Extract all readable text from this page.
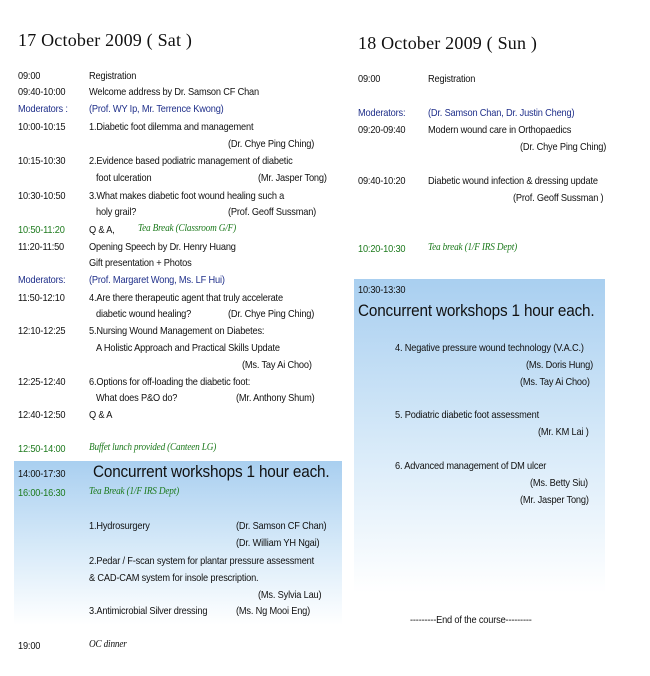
17 October 2009 ( Sat )
09:00	Registration
09:40-10:00 Welcome address by Dr. Samson CF Chan
Moderators : (Prof. WY Ip, Mr. Terrence Kwong)
10:00-10:15 1.Diabetic foot dilemma and management
(Dr. Chye Ping Ching)
10:15-10:30 2.Evidence based podiatric management of diabetic
foot ulceration	(Mr. Jasper Tong)
10:30-10:50 3.What makes diabetic foot wound healing such a
holy grail?	(Prof. Geoff Sussman)
10:50-11:20 Q & A, Tea Break (Classroom G/F)
11:20-11:50 Opening Speech by Dr. Henry Huang
Gift presentation + Photos
Moderators: (Prof. Margaret Wong, Ms. LF Hui)
11:50-12:10 4.Are there therapeutic agent that truly accelerate
diabetic wound healing?	(Dr. Chye Ping Ching)
12:10-12:25 5.Nursing Wound Management on Diabetes:
A Holistic Approach and Practical Skills Update
(Ms. Tay Ai Choo)
12:25-12:40 6.Options for off-loading the diabetic foot:
What does P&O do?	(Mr. Anthony Shum)
12:40-12:50 Q & A
12:50-14:00 Buffet lunch provided (Canteen LG)
14:00-17:30 Concurrent workshops 1 hour each.
16:00-16:30 Tea Break (1/F IRS Dept)
1.Hydrosurgery	(Dr. Samson CF Chan)
(Dr. William YH Ngai)
2.Pedar / F-scan system for plantar pressure assessment
& CAD-CAM system for insole prescription.
(Ms. Sylvia Lau)
3.Antimicrobial Silver dressing	(Ms. Ng Mooi Eng)
19:00	OC dinner
18 October 2009 ( Sun )
09:00	Registration
Moderators: (Dr. Samson Chan, Dr. Justin Cheng)
09:20-09:40 Modern wound care in Orthopaedics
(Dr. Chye Ping Ching)
09:40-10:20 Diabetic wound infection & dressing update
(Prof. Geoff Sussman )
10:20-10:30 Tea break (1/F IRS Dept)
10:30-13:30
Concurrent workshops 1 hour each.
4. Negative pressure wound technology (V.A.C.)
(Ms. Doris Hung)
(Ms. Tay Ai Choo)
5. Podiatric diabetic foot assessment
(Mr. KM Lai )
6. Advanced management of DM ulcer
(Ms. Betty Siu)
(Mr. Jasper Tong)
---------End of the course---------
